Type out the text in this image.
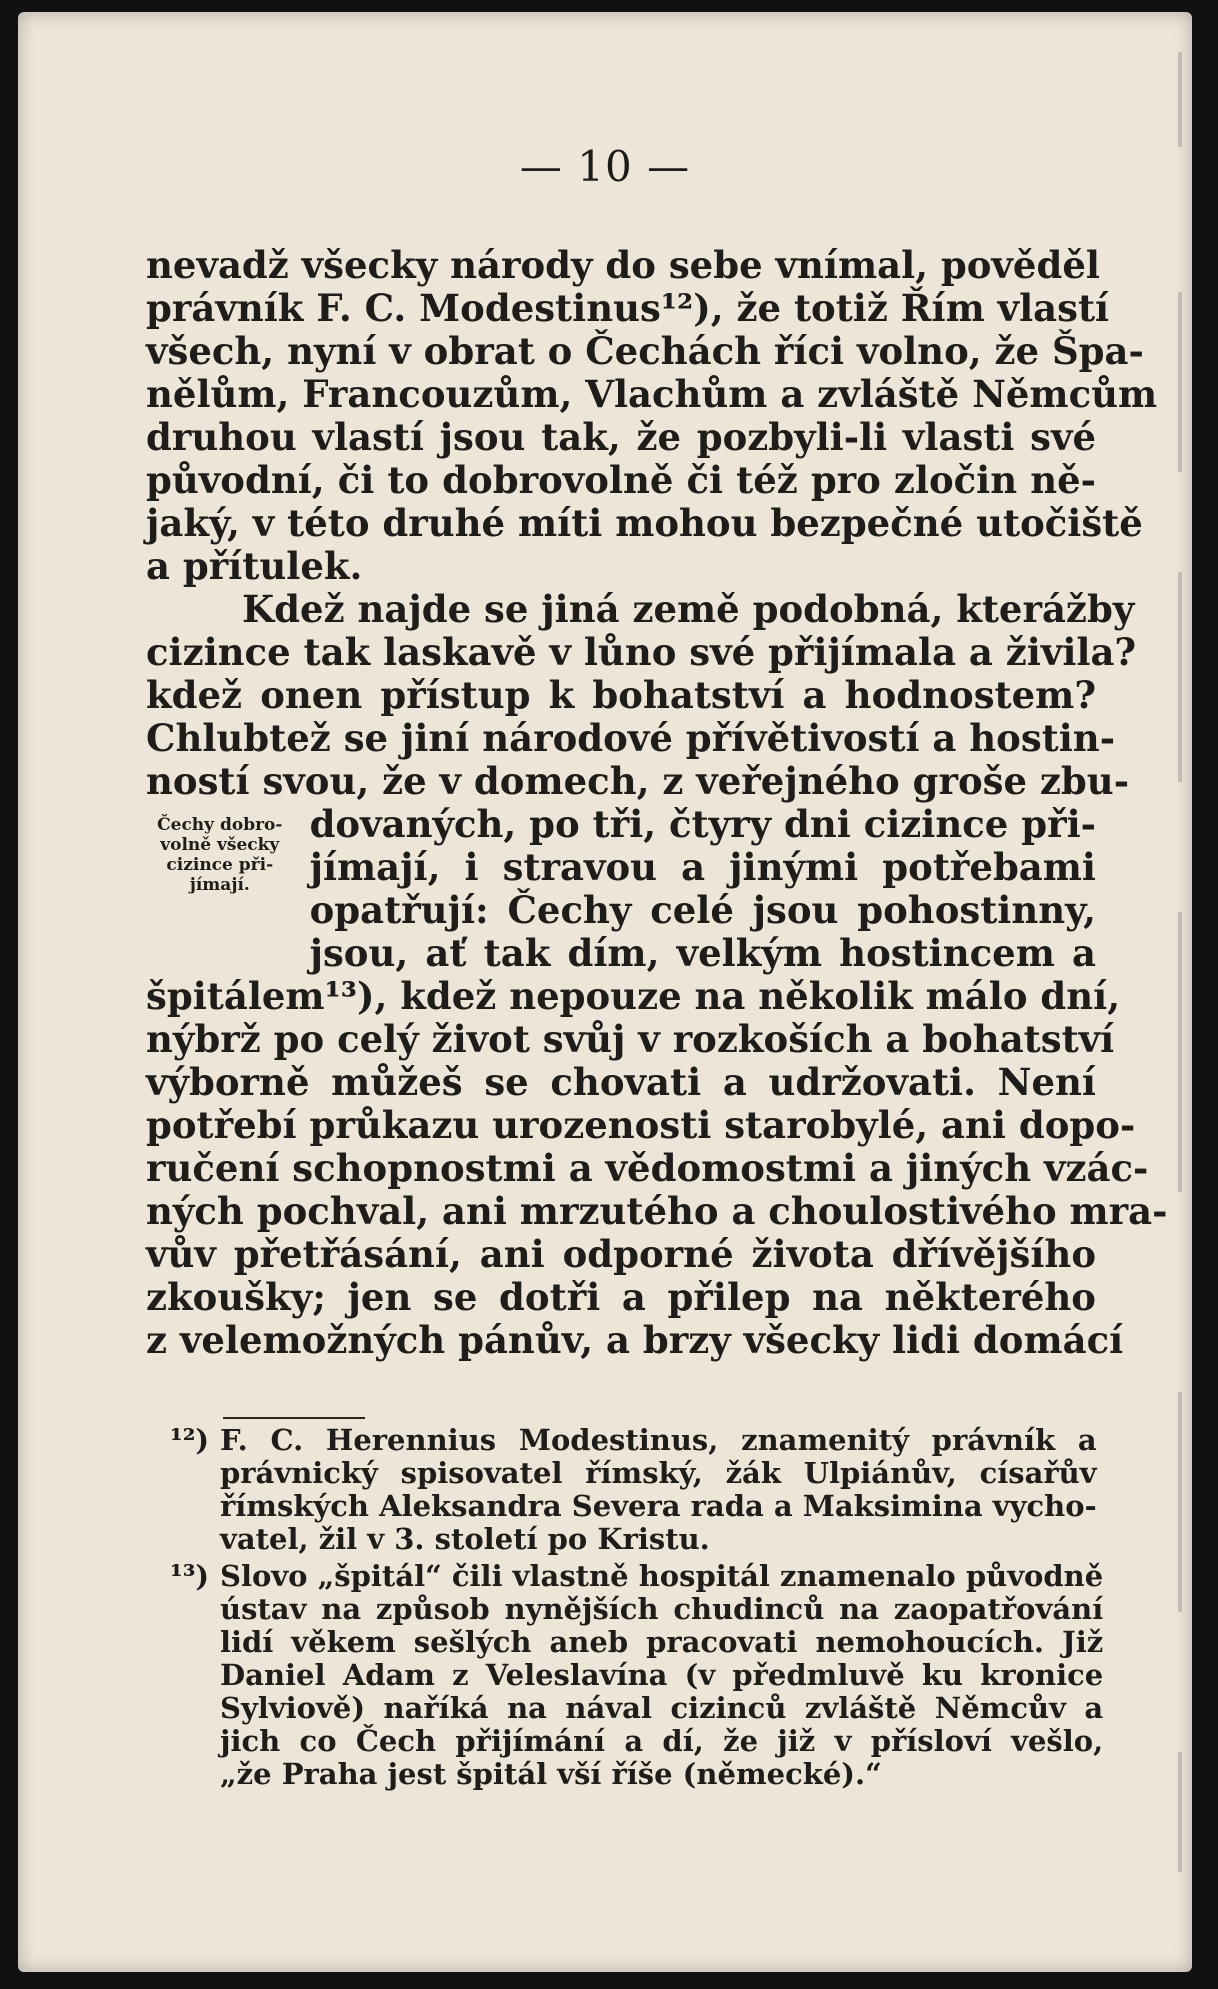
— 10 —
nevadž všecky národy do sebe vnímal, pověděl
právník F. C. Modestinus¹²), že totiž Řím vlastí
všech, nyní v obrat o Čechách říci volno, že Špa-
nělům, Francouzům, Vlachům a zvláště Němcům
druhou vlastí jsou tak, že pozbyli-li vlasti své
původní, či to dobrovolně či též pro zločin ně-
jaký, v této druhé míti mohou bezpečné utočiště
a přítulek.
Kdež najde se jiná země podobná, kterážby
cizince tak laskavě v lůno své přijímala a živila?
kdež onen přístup k bohatství a hodnostem?
Chlubtež se jiní národové přívětivostí a hostin-
ností svou, že v domech, z veřejného groše zbu-
Čechy dobro-
volně všecky
cizince při-
jímají.
dovaných, po tři, čtyry dni cizince při-
jímají, i stravou a jinými potřebami
opatřují: Čechy celé jsou pohostinny,
jsou, ať tak dím, velkým hostincem a
špitálem¹³), kdež nepouze na několik málo dní,
nýbrž po celý život svůj v rozkoších a bohatství
výborně můžeš se chovati a udržovati. Není
potřebí průkazu urozenosti starobylé, ani dopo-
ručení schopnostmi a vědomostmi a jiných vzác-
ných pochval, ani mrzutého a choulostivého mra-
vův přetřásání, ani odporné života dřívějšího
zkoušky; jen se dotři a přilep na některého
z velemožných pánův, a brzy všecky lidi domácí
¹²) F. C. Herennius Modestinus, znamenitý právník a
právnický spisovatel římský, žák Ulpiánův, císařův
římských Aleksandra Severa rada a Maksimina vycho-
vatel, žil v 3. století po Kristu.
¹³) Slovo „špitál“ čili vlastně hospitál znamenalo původně
ústav na způsob nynějších chudinců na zaopatřování
lidí věkem sešlých aneb pracovati nemohoucích. Již
Daniel Adam z Veleslavína (v předmluvě ku kronice
Sylviově) naříká na nával cizinců zvláště Němcův a
jich co Čech přijímání a dí, že již v přísloví vešlo,
„že Praha jest špitál vší říše (německé).“
